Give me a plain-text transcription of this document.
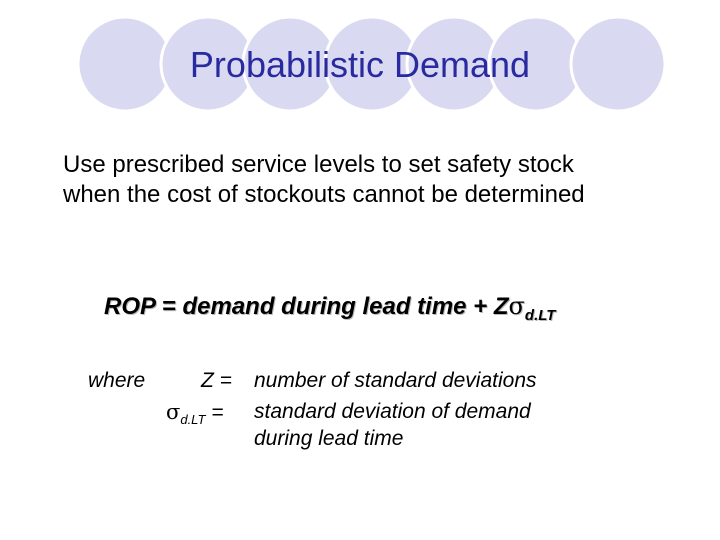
Probabilistic Demand
Use prescribed service levels to set safety stock when the cost of stockouts cannot be determined
ROP = demand during lead time + $Z\sigma_{d.LT}$
where	Z = number of standard deviations
$\sigma_{d.LT}$ = standard deviation of demand
during lead time
